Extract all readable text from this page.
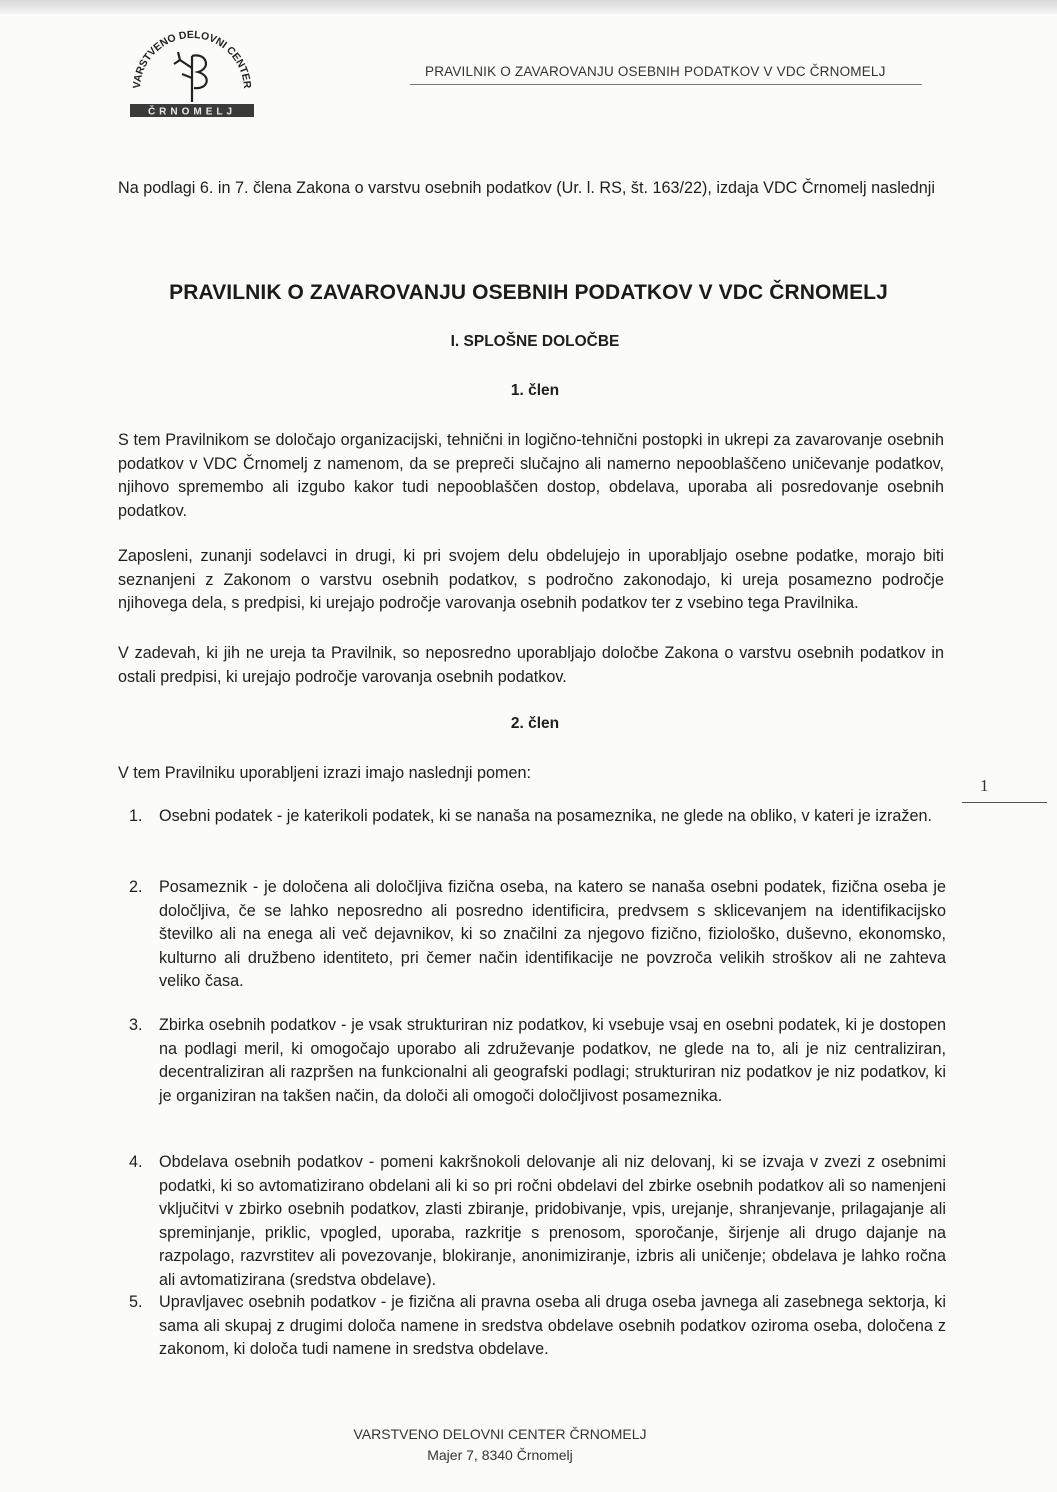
VARSTVENO DELOVNI CENTER
ČRNOMELJ
PRAVILNIK O ZAVAROVANJU OSEBNIH PODATKOV V VDC ČRNOMELJ

Na podlagi 6. in 7. člena Zakona o varstvu osebnih podatkov (Ur. l. RS, št. 163/22), izdaja VDC Črnomelj naslednji

PRAVILNIK O ZAVAROVANJU OSEBNIH PODATKOV V VDC ČRNOMELJ
I. SPLOŠNE DOLOČBE
1. člen

S tem Pravilnikom se določajo organizacijski, tehnični in logično-tehnični postopki in ukrepi za zavarovanje osebnih podatkov v VDC Črnomelj z namenom, da se prepreči slučajno ali namerno nepooblaščeno uničevanje podatkov, njihovo spremembo ali izgubo kakor tudi nepooblaščen dostop, obdelava, uporaba ali posredovanje osebnih podatkov.

Zaposleni, zunanji sodelavci in drugi, ki pri svojem delu obdelujejo in uporabljajo osebne podatke, morajo biti seznanjeni z Zakonom o varstvu osebnih podatkov, s področno zakonodajo, ki ureja posamezno področje njihovega dela, s predpisi, ki urejajo področje varovanja osebnih podatkov ter z vsebino tega Pravilnika.

V zadevah, ki jih ne ureja ta Pravilnik, so neposredno uporabljajo določbe Zakona o varstvu osebnih podatkov in ostali predpisi, ki urejajo področje varovanja osebnih podatkov.

2. člen

V tem Pravilniku uporabljeni izrazi imajo naslednji pomen:

1. Osebni podatek - je katerikoli podatek, ki se nanaša na posameznika, ne glede na obliko, v kateri je izražen.

2. Posameznik - je določena ali določljiva fizična oseba, na katero se nanaša osebni podatek, fizična oseba je določljiva, če se lahko neposredno ali posredno identificira, predvsem s sklicevanjem na identifikacijsko številko ali na enega ali več dejavnikov, ki so značilni za njegovo fizično, fiziološko, duševno, ekonomsko, kulturno ali družbeno identiteto, pri čemer način identifikacije ne povzroča velikih stroškov ali ne zahteva veliko časa.

3. Zbirka osebnih podatkov - je vsak strukturiran niz podatkov, ki vsebuje vsaj en osebni podatek, ki je dostopen na podlagi meril, ki omogočajo uporabo ali združevanje podatkov, ne glede na to, ali je niz centraliziran, decentraliziran ali razpršen na funkcionalni ali geografski podlagi; strukturiran niz podatkov je niz podatkov, ki je organiziran na takšen način, da določi ali omogoči določljivost posameznika.

4. Obdelava osebnih podatkov - pomeni kakršnokoli delovanje ali niz delovanj, ki se izvaja v zvezi z osebnimi podatki, ki so avtomatizirano obdelani ali ki so pri ročni obdelavi del zbirke osebnih podatkov ali so namenjeni vključitvi v zbirko osebnih podatkov, zlasti zbiranje, pridobivanje, vpis, urejanje, shranjevanje, prilagajanje ali spreminjanje, priklic, vpogled, uporaba, razkritje s prenosom, sporočanje, širjenje ali drugo dajanje na razpolago, razvrstitev ali povezovanje, blokiranje, anonimiziranje, izbris ali uničenje; obdelava je lahko ročna ali avtomatizirana (sredstva obdelave).

5. Upravljavec osebnih podatkov - je fizična ali pravna oseba ali druga oseba javnega ali zasebnega sektorja, ki sama ali skupaj z drugimi določa namene in sredstva obdelave osebnih podatkov oziroma oseba, določena z zakonom, ki določa tudi namene in sredstva obdelave.

1

VARSTVENO DELOVNI CENTER ČRNOMELJ

Majer 7, 8340 Črnomelj
